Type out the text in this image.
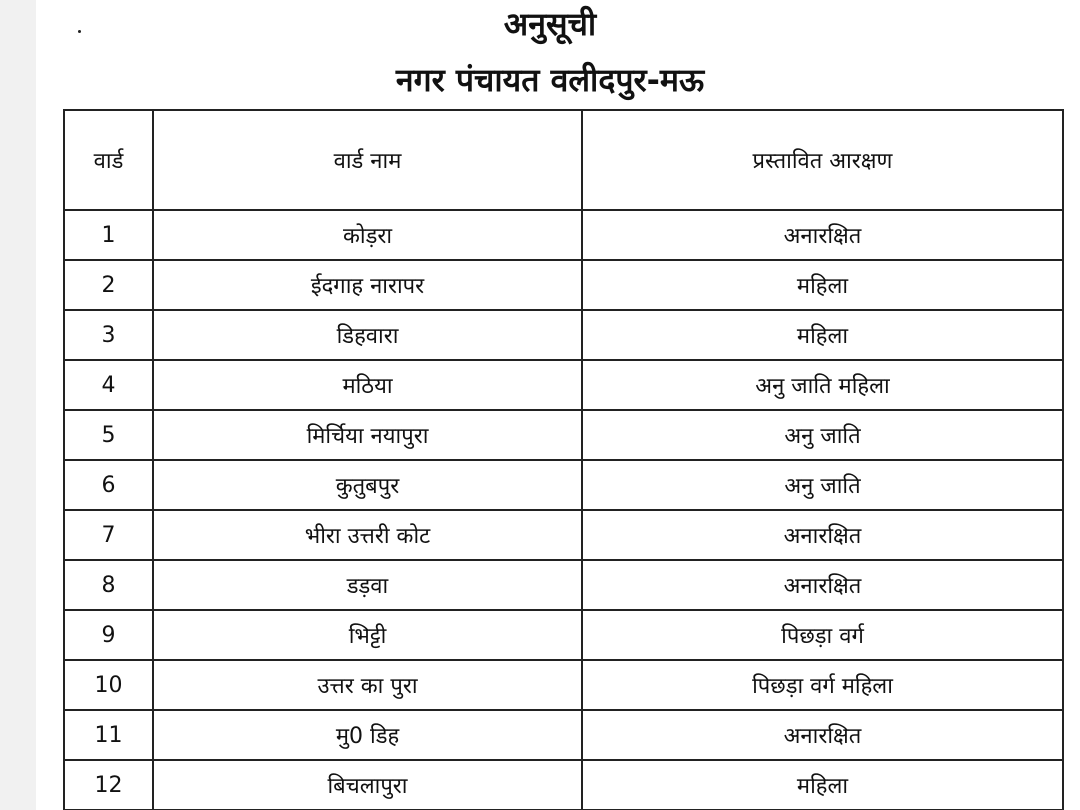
अनुसूची
नगर पंचायत वलीदपुर-मऊ
वार्ड	वार्ड नाम	प्रस्तावित आरक्षण
1	कोड़रा	अनारक्षित
2	ईदगाह नारापर	महिला
3	डिहवारा	महिला
4	मठिया	अनु जाति महिला
5	मिर्चिया नयापुरा	अनु जाति
6	कुतुबपुर	अनु जाति
7	भीरा उत्तरी कोट	अनारक्षित
8	डड़वा	अनारक्षित
9	भिट्टी	पिछड़ा वर्ग
10	उत्तर का पुरा	पिछड़ा वर्ग महिला
11	मु0 डिह	अनारक्षित
12	बिचलापुरा	महिला
